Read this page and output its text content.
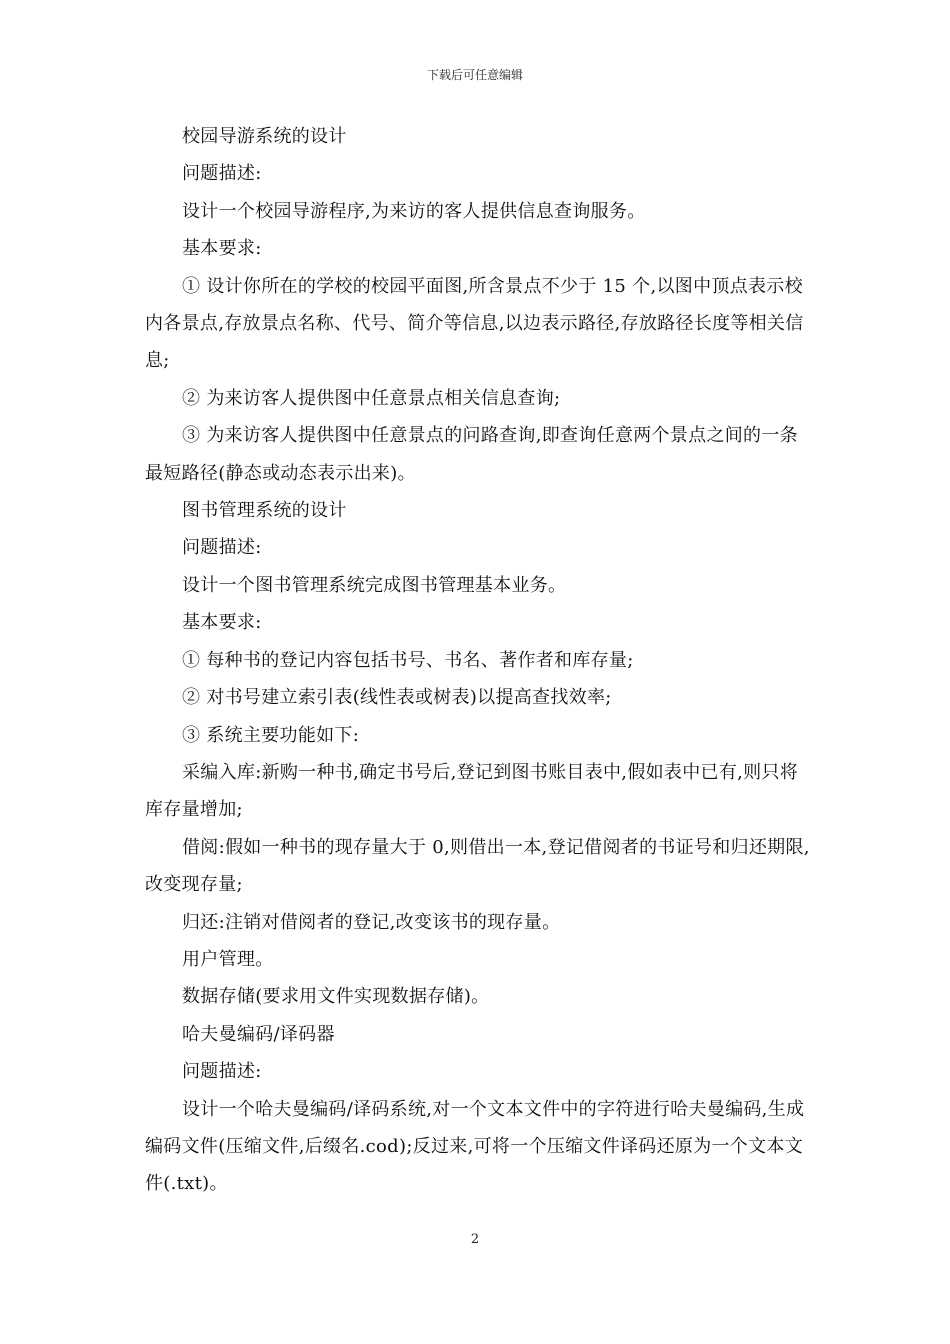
下载后可任意编辑

校园导游系统的设计

问题描述:

设计一个校园导游程序,为来访的客人提供信息查询服务。

基本要求:

① 设计你所在的学校的校园平面图,所含景点不少于 15 个,以图中顶点表示校内各景点,存放景点名称、代号、简介等信息,以边表示路径,存放路径长度等相关信息;

② 为来访客人提供图中任意景点相关信息查询;

③ 为来访客人提供图中任意景点的问路查询,即查询任意两个景点之间的一条最短路径(静态或动态表示出来)。

图书管理系统的设计

问题描述:

设计一个图书管理系统完成图书管理基本业务。

基本要求:

① 每种书的登记内容包括书号、书名、著作者和库存量;

② 对书号建立索引表(线性表或树表)以提高查找效率;

③ 系统主要功能如下:

采编入库:新购一种书,确定书号后,登记到图书账目表中,假如表中已有,则只将库存量增加;

借阅:假如一种书的现存量大于 0,则借出一本,登记借阅者的书证号和归还期限,改变现存量;

归还:注销对借阅者的登记,改变该书的现存量。

用户管理。

数据存储(要求用文件实现数据存储)。

哈夫曼编码/译码器

问题描述:

设计一个哈夫曼编码/译码系统,对一个文本文件中的字符进行哈夫曼编码,生成编码文件(压缩文件,后缀名.cod);反过来,可将一个压缩文件译码还原为一个文本文件(.txt)。

2
